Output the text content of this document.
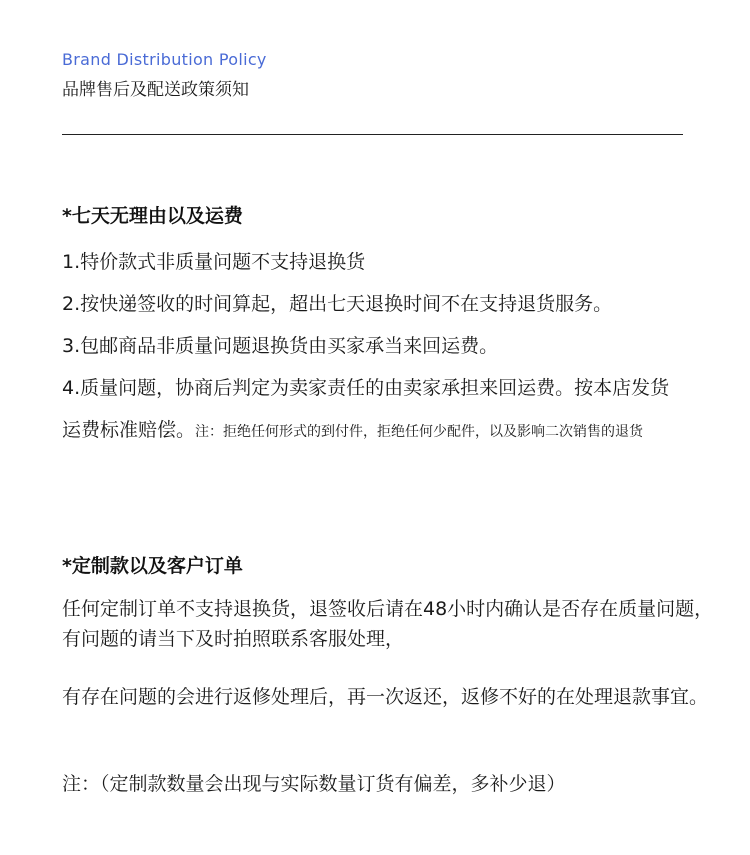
Brand Distribution Policy
品牌售后及配送政策须知
*七天无理由以及运费
1.特价款式非质量问题不支持退换货
2.按快递签收的时间算起，超出七天退换时间不在支持退货服务。
3.包邮商品非质量问题退换货由买家承当来回运费。
4.质量问题，协商后判定为卖家责任的由卖家承担来回运费。按本店发货
运费标准赔偿。注：拒绝任何形式的到付件，拒绝任何少配件，以及影响二次销售的退货
*定制款以及客户订单
任何定制订单不支持退换货，退签收后请在48小时内确认是否存在质量问题，有问题的请当下及时拍照联系客服处理，
有存在问题的会进行返修处理后，再一次返还，返修不好的在处理退款事宜。
注：（定制款数量会出现与实际数量订货有偏差，多补少退）
